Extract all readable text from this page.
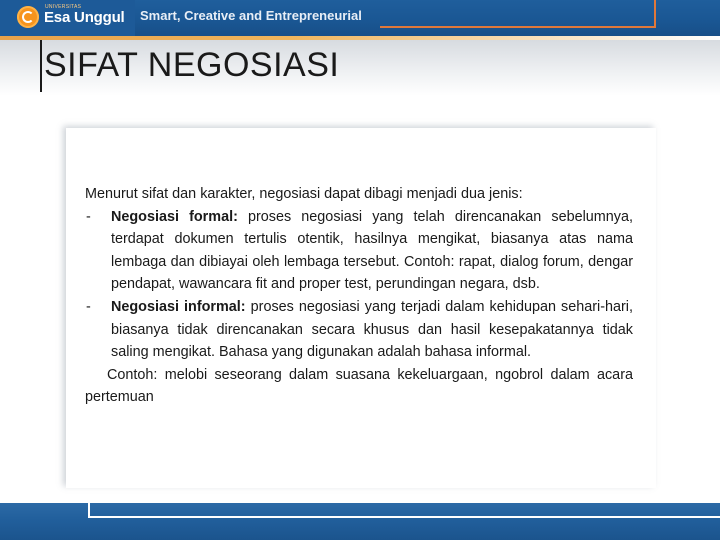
UNIVERSITAS
Esa Unggul Smart, Creative and Entrepreneurial
SIFAT NEGOSIASI

Menurut sifat dan karakter, negosiasi dapat dibagi menjadi dua jenis:

- Negosiasi formal: proses negosiasi yang telah direncanakan sebelumnya, terdapat dokumen tertulis otentik, hasilnya mengikat, biasanya atas nama lembaga dan dibiayai oleh lembaga tersebut. Contoh: rapat, dialog forum, dengar pendapat, wawancara fit and proper test, perundingan negara, dsb.

- Negosiasi informal: proses negosiasi yang terjadi dalam kehidupan sehari-hari, biasanya tidak direncanakan secara khusus dan hasil kesepakatannya tidak saling mengikat. Bahasa yang digunakan adalah bahasa informal.

Contoh: melobi seseorang dalam suasana kekeluargaan, ngobrol dalam acara pertemuan
